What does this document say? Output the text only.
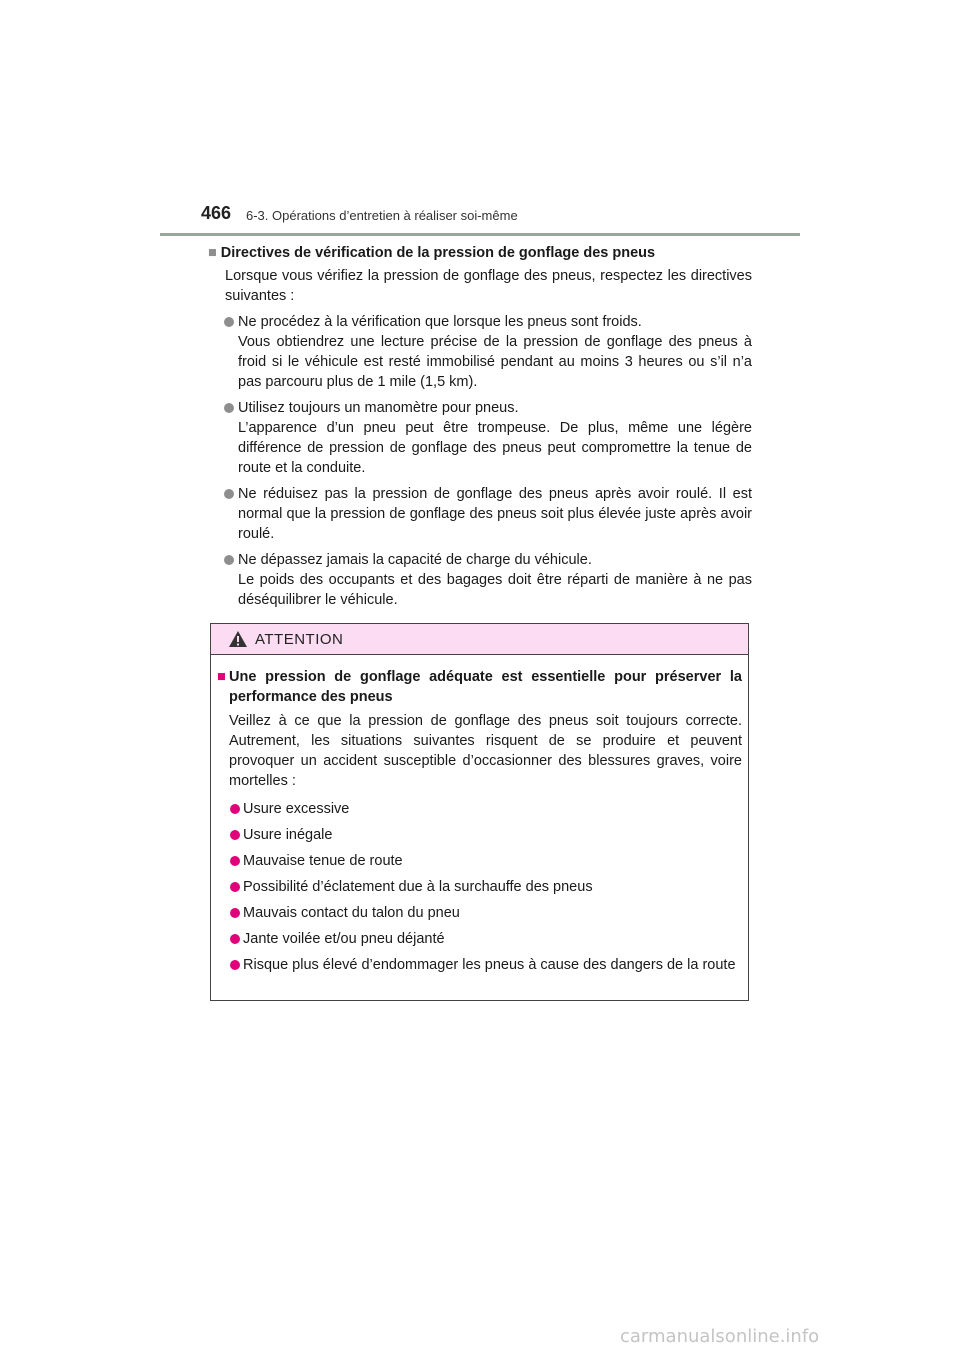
466 6-3. Opérations d’entretien à réaliser soi-même
■ Directives de vérification de la pression de gonflage des pneus
Lorsque vous vérifiez la pression de gonflage des pneus, respectez les directives suivantes :

Ne procédez à la vérification que lorsque les pneus sont froids.

Vous obtiendrez une lecture précise de la pression de gonflage des pneus à froid si le véhicule est resté immobilisé pendant au moins 3 heures ou s’il n’a pas parcouru plus de 1 mile (1,5 km).

Utilisez toujours un manomètre pour pneus.

L’apparence d’un pneu peut être trompeuse. De plus, même une légère différence de pression de gonflage des pneus peut compromettre la tenue de route et la conduite.

Ne réduisez pas la pression de gonflage des pneus après avoir roulé. Il est normal que la pression de gonflage des pneus soit plus élevée juste après avoir roulé.

Ne dépassez jamais la capacité de charge du véhicule.

Le poids des occupants et des bagages doit être réparti de manière à ne pas déséquilibrer le véhicule.

ATTENTION
■ Une pression de gonflage adéquate est essentielle pour préserver la performance des pneus
Veillez à ce que la pression de gonflage des pneus soit toujours correcte. Autrement, les situations suivantes risquent de se produire et peuvent provoquer un accident susceptible d’occasionner des blessures graves, voire mortelles :
Usure excessive
Usure inégale
Mauvaise tenue de route
Possibilité d’éclatement due à la surchauffe des pneus
Mauvais contact du talon du pneu
Jante voilée et/ou pneu déjanté
Risque plus élevé d’endommager les pneus à cause des dangers de la route
carmanualsonline.info
